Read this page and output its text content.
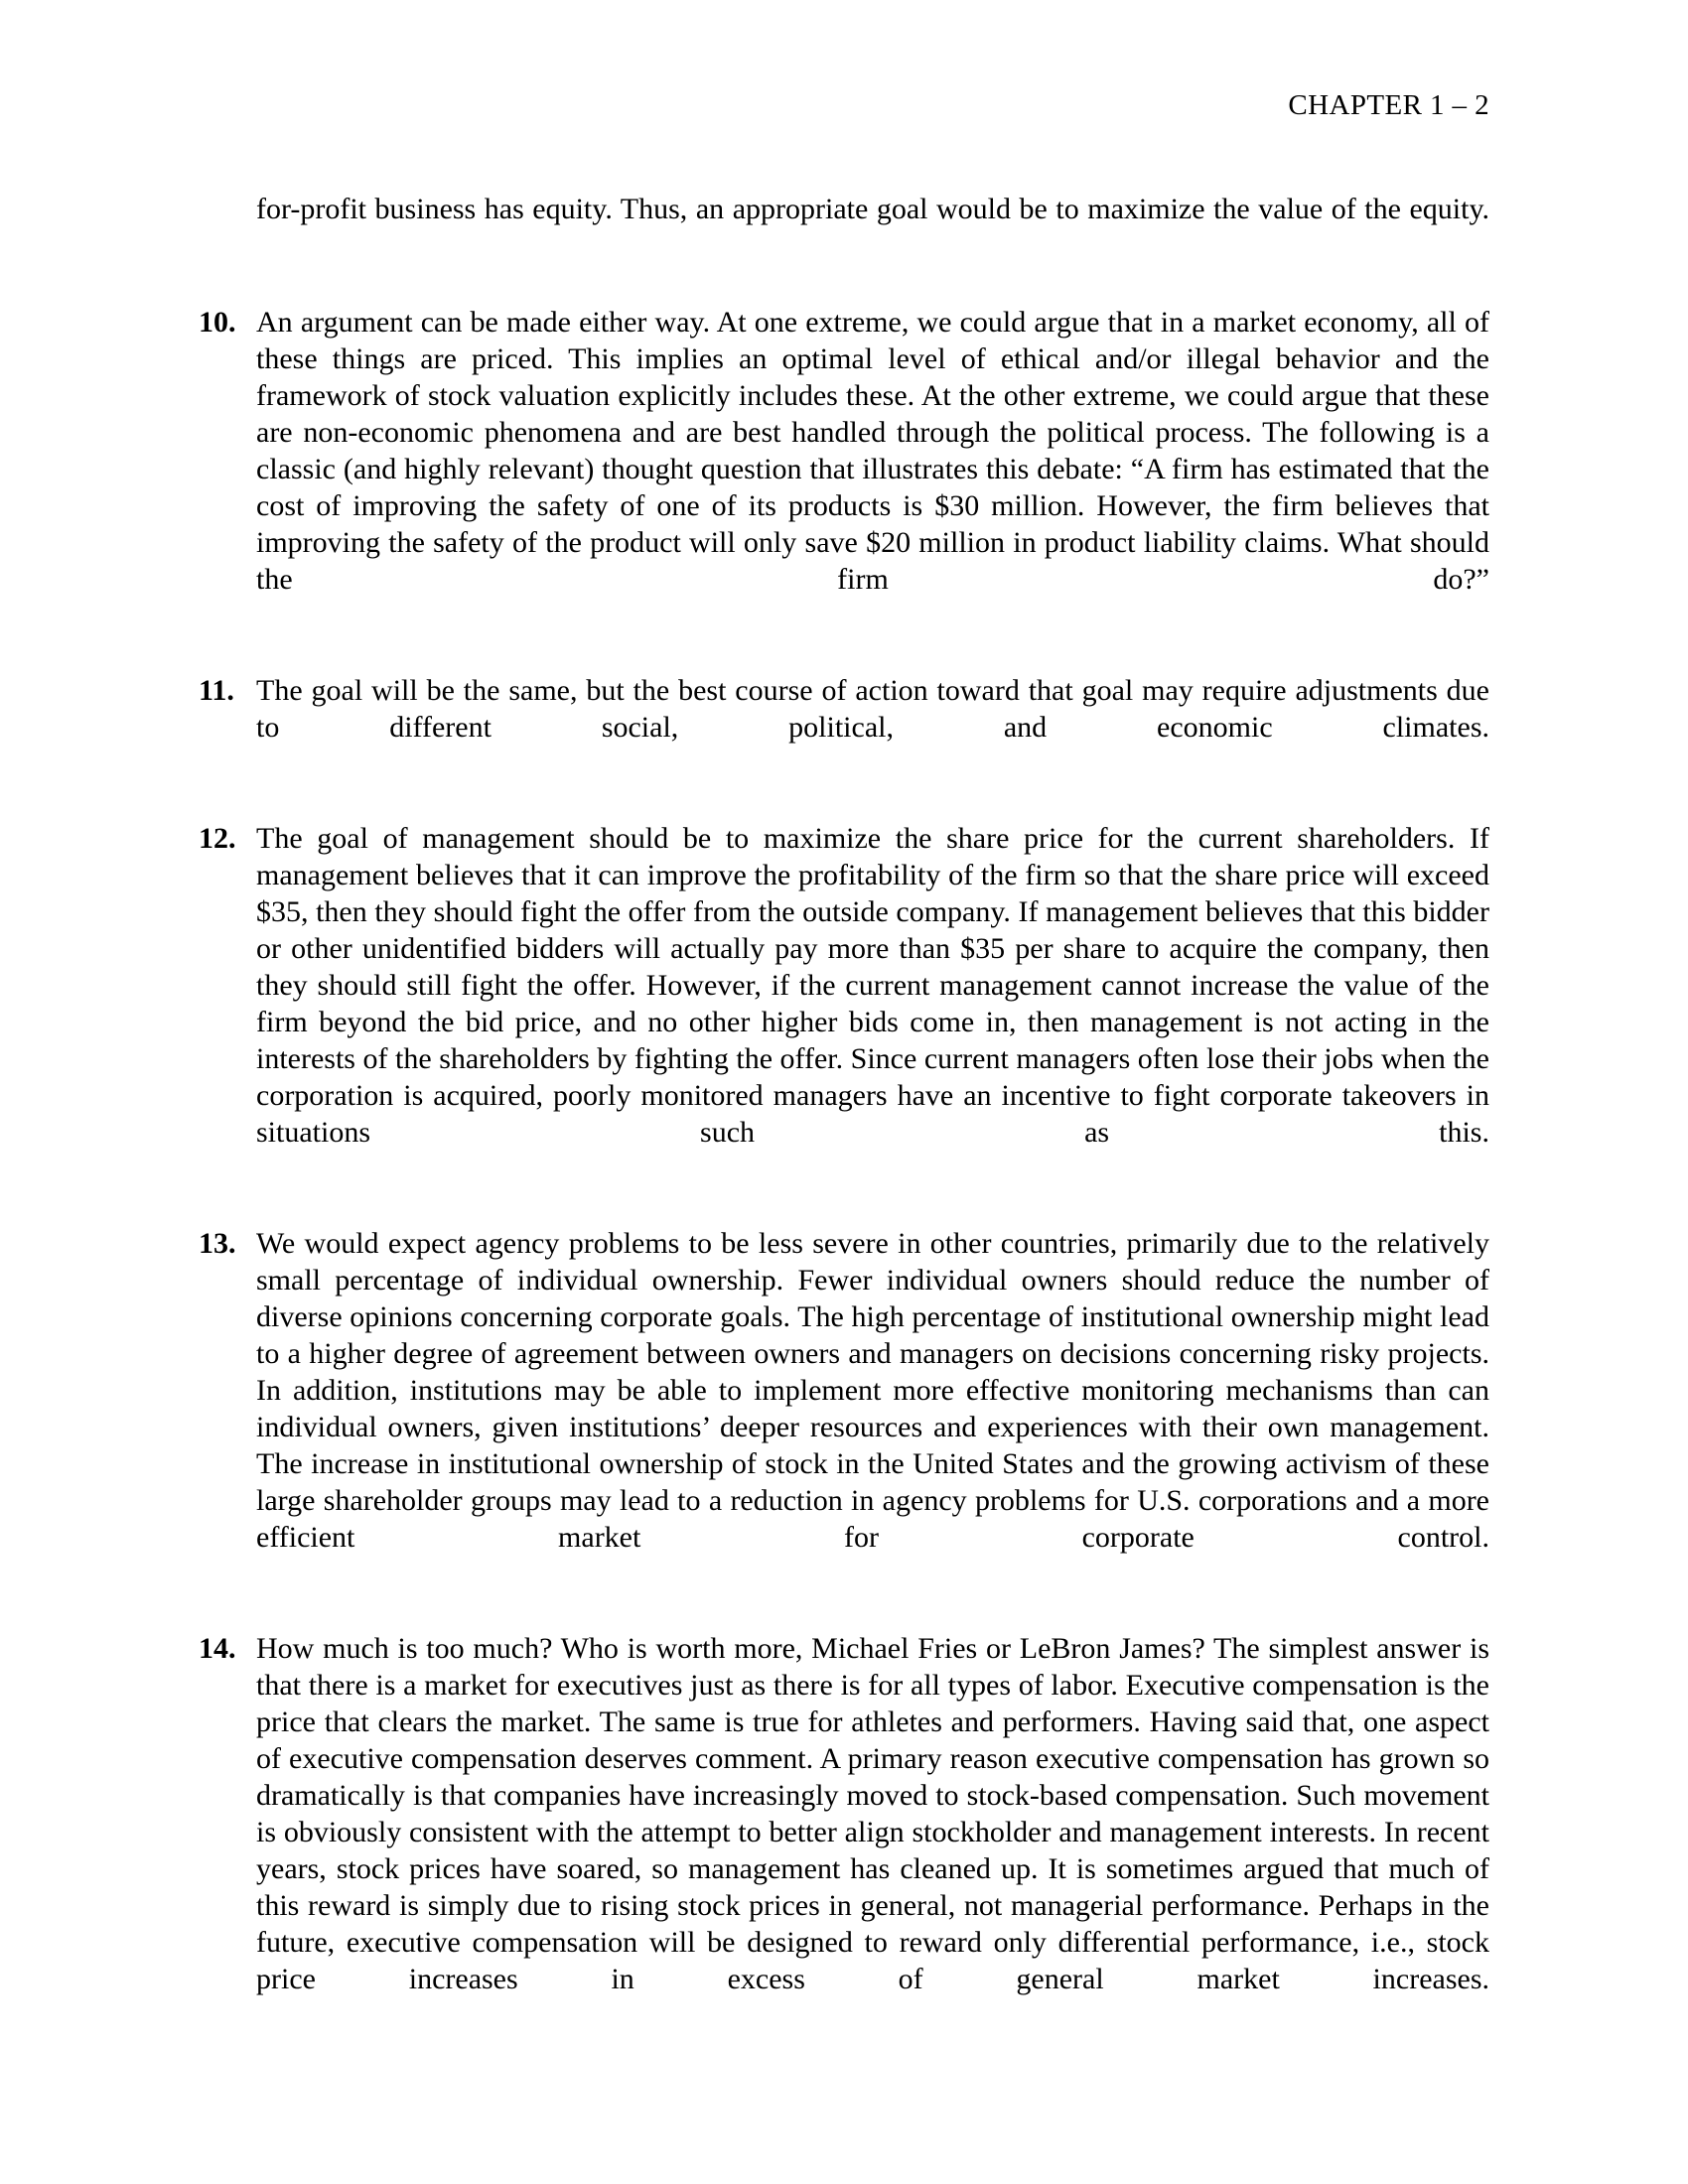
CHAPTER 1 – 2

for-profit business has equity. Thus, an appropriate goal would be to maximize the value of the equity.

10. An argument can be made either way. At one extreme, we could argue that in a market economy, all of these things are priced. This implies an optimal level of ethical and/or illegal behavior and the framework of stock valuation explicitly includes these. At the other extreme, we could argue that these are non-economic phenomena and are best handled through the political process. The following is a classic (and highly relevant) thought question that illustrates this debate: “A firm has estimated that the cost of improving the safety of one of its products is $30 million. However, the firm believes that improving the safety of the product will only save $20 million in product liability claims. What should the firm do?”
11. The goal will be the same, but the best course of action toward that goal may require adjustments due to different social, political, and economic climates.
12. The goal of management should be to maximize the share price for the current shareholders. If management believes that it can improve the profitability of the firm so that the share price will exceed $35, then they should fight the offer from the outside company. If management believes that this bidder or other unidentified bidders will actually pay more than $35 per share to acquire the company, then they should still fight the offer. However, if the current management cannot increase the value of the firm beyond the bid price, and no other higher bids come in, then management is not acting in the interests of the shareholders by fighting the offer. Since current managers often lose their jobs when the corporation is acquired, poorly monitored managers have an incentive to fight corporate takeovers in situations such as this.
13. We would expect agency problems to be less severe in other countries, primarily due to the relatively small percentage of individual ownership. Fewer individual owners should reduce the number of diverse opinions concerning corporate goals. The high percentage of institutional ownership might lead to a higher degree of agreement between owners and managers on decisions concerning risky projects. In addition, institutions may be able to implement more effective monitoring mechanisms than can individual owners, given institutions’ deeper resources and experiences with their own management. The increase in institutional ownership of stock in the United States and the growing activism of these large shareholder groups may lead to a reduction in agency problems for U.S. corporations and a more efficient market for corporate control.
14. How much is too much? Who is worth more, Michael Fries or LeBron James? The simplest answer is that there is a market for executives just as there is for all types of labor. Executive compensation is the price that clears the market. The same is true for athletes and performers. Having said that, one aspect of executive compensation deserves comment. A primary reason executive compensation has grown so dramatically is that companies have increasingly moved to stock-based compensation. Such movement is obviously consistent with the attempt to better align stockholder and management interests. In recent years, stock prices have soared, so management has cleaned up. It is sometimes argued that much of this reward is simply due to rising stock prices in general, not managerial performance. Perhaps in the future, executive compensation will be designed to reward only differential performance, i.e., stock price increases in excess of general market increases.
